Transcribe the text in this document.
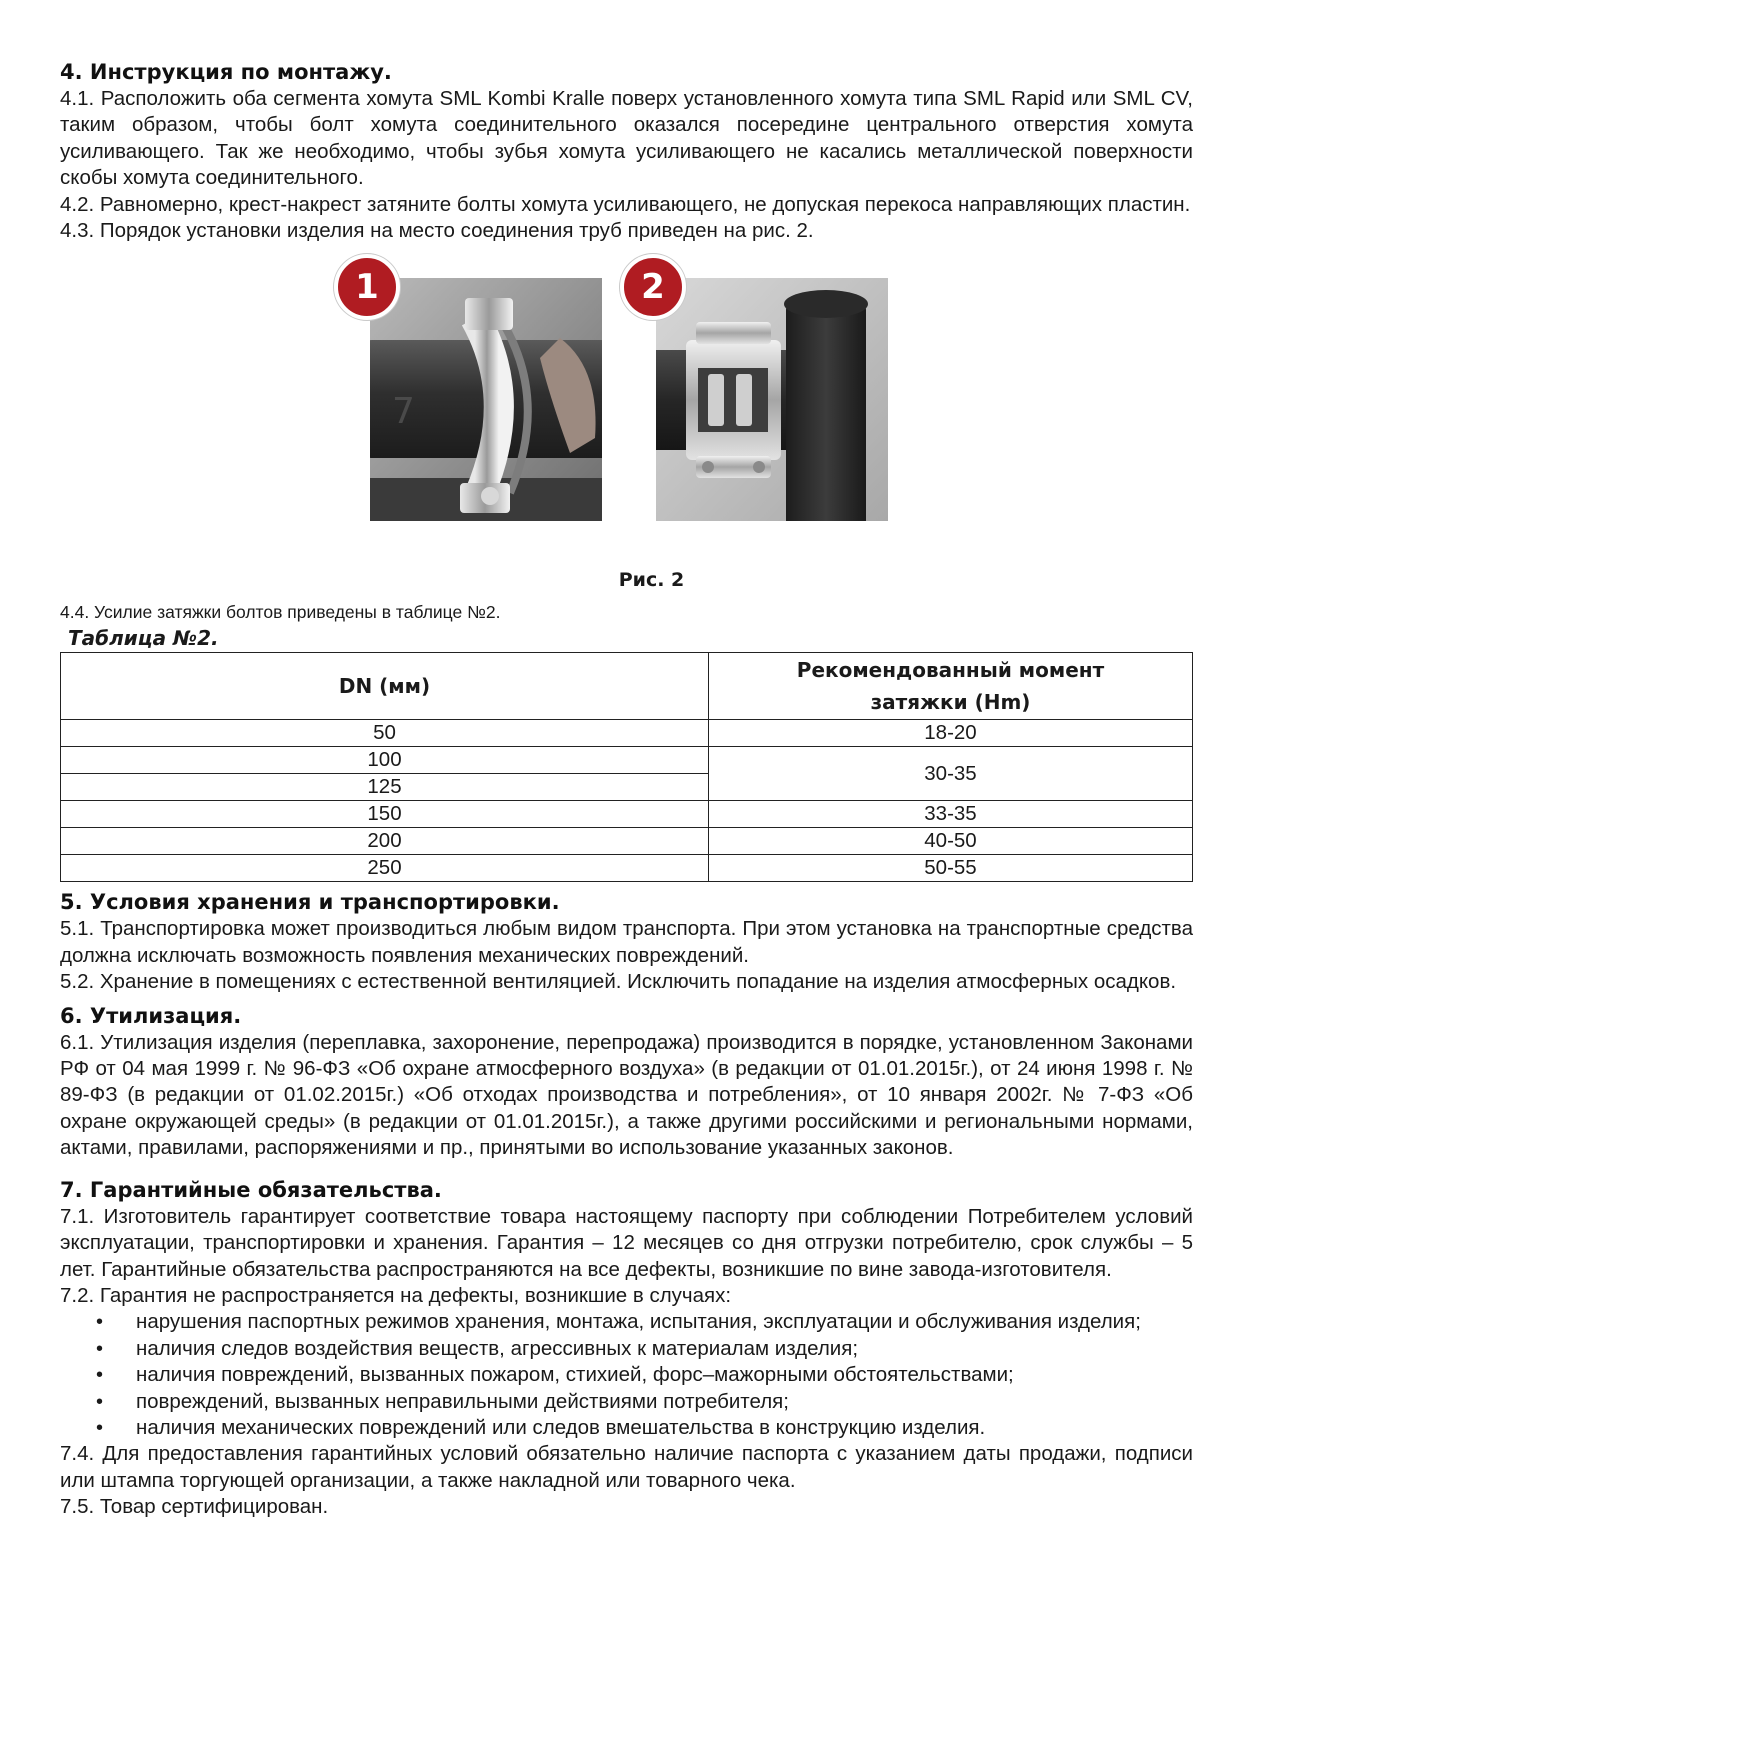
4. Инструкция по монтажу.

4.1. Расположить оба сегмента хомута SML Kombi Kralle поверх установленного хомута типа SML Rapid или SML CV, таким образом, чтобы болт хомута соединительного оказался посередине центрального отверстия хомута усиливающего. Так же необходимо, чтобы зубья хомута усиливающего не касались металлической поверхности скобы хомута соединительного.

4.2. Равномерно, крест-накрест затяните болты хомута усиливающего, не допуская перекоса направляющих пластин.

4.3. Порядок установки изделия на место соединения труб приведен на рис. 2.

7
1	2
Рис. 2

4.4. Усилие затяжки болтов приведены в таблице №2.

Таблица №2.
DN (мм)	Рекомендованный момент
затяжки (Hm)
50	18-20
100	30-35
125	
150	33-35
200	40-50
250	50-55
5. Условия хранения и транспортировки.

5.1. Транспортировка может производиться любым видом транспорта. При этом установка на транспортные средства должна исключать возможность появления механических повреждений.

5.2. Хранение в помещениях с естественной вентиляцией. Исключить попадание на изделия атмосферных осадков.

6. Утилизация.

6.1. Утилизация изделия (переплавка, захоронение, перепродажа) производится в порядке, установленном Законами РФ от 04 мая 1999 г. № 96-ФЗ «Об охране атмосферного воздуха» (в редакции от 01.01.2015г.), от 24 июня 1998 г. № 89-ФЗ (в редакции от 01.02.2015г.) «Об отходах производства и потребления», от 10 января 2002г. № 7-ФЗ «Об охране окружающей среды» (в редакции от 01.01.2015г.), а также другими российскими и региональными нормами, актами, правилами, распоряжениями и пр., принятыми во использование указанных законов.

7. Гарантийные обязательства.

7.1. Изготовитель гарантирует соответствие товара настоящему паспорту при соблюдении Потребителем условий эксплуатации, транспортировки и хранения. Гарантия – 12 месяцев со дня отгрузки потребителю, срок службы – 5 лет. Гарантийные обязательства распространяются на все дефекты, возникшие по вине завода-изготовителя.

7.2. Гарантия не распространяется на дефекты, возникшие в случаях:

• нарушения паспортных режимов хранения, монтажа, испытания, эксплуатации и обслуживания изделия;
• наличия следов воздействия веществ, агрессивных к материалам изделия;
• наличия повреждений, вызванных пожаром, стихией, форс–мажорными обстоятельствами;
• повреждений, вызванных неправильными действиями потребителя;
• наличия механических повреждений или следов вмешательства в конструкцию изделия.

7.4. Для предоставления гарантийных условий обязательно наличие паспорта с указанием даты продажи, подписи или штампа торгующей организации, а также накладной или товарного чека.

7.5. Товар сертифицирован.
